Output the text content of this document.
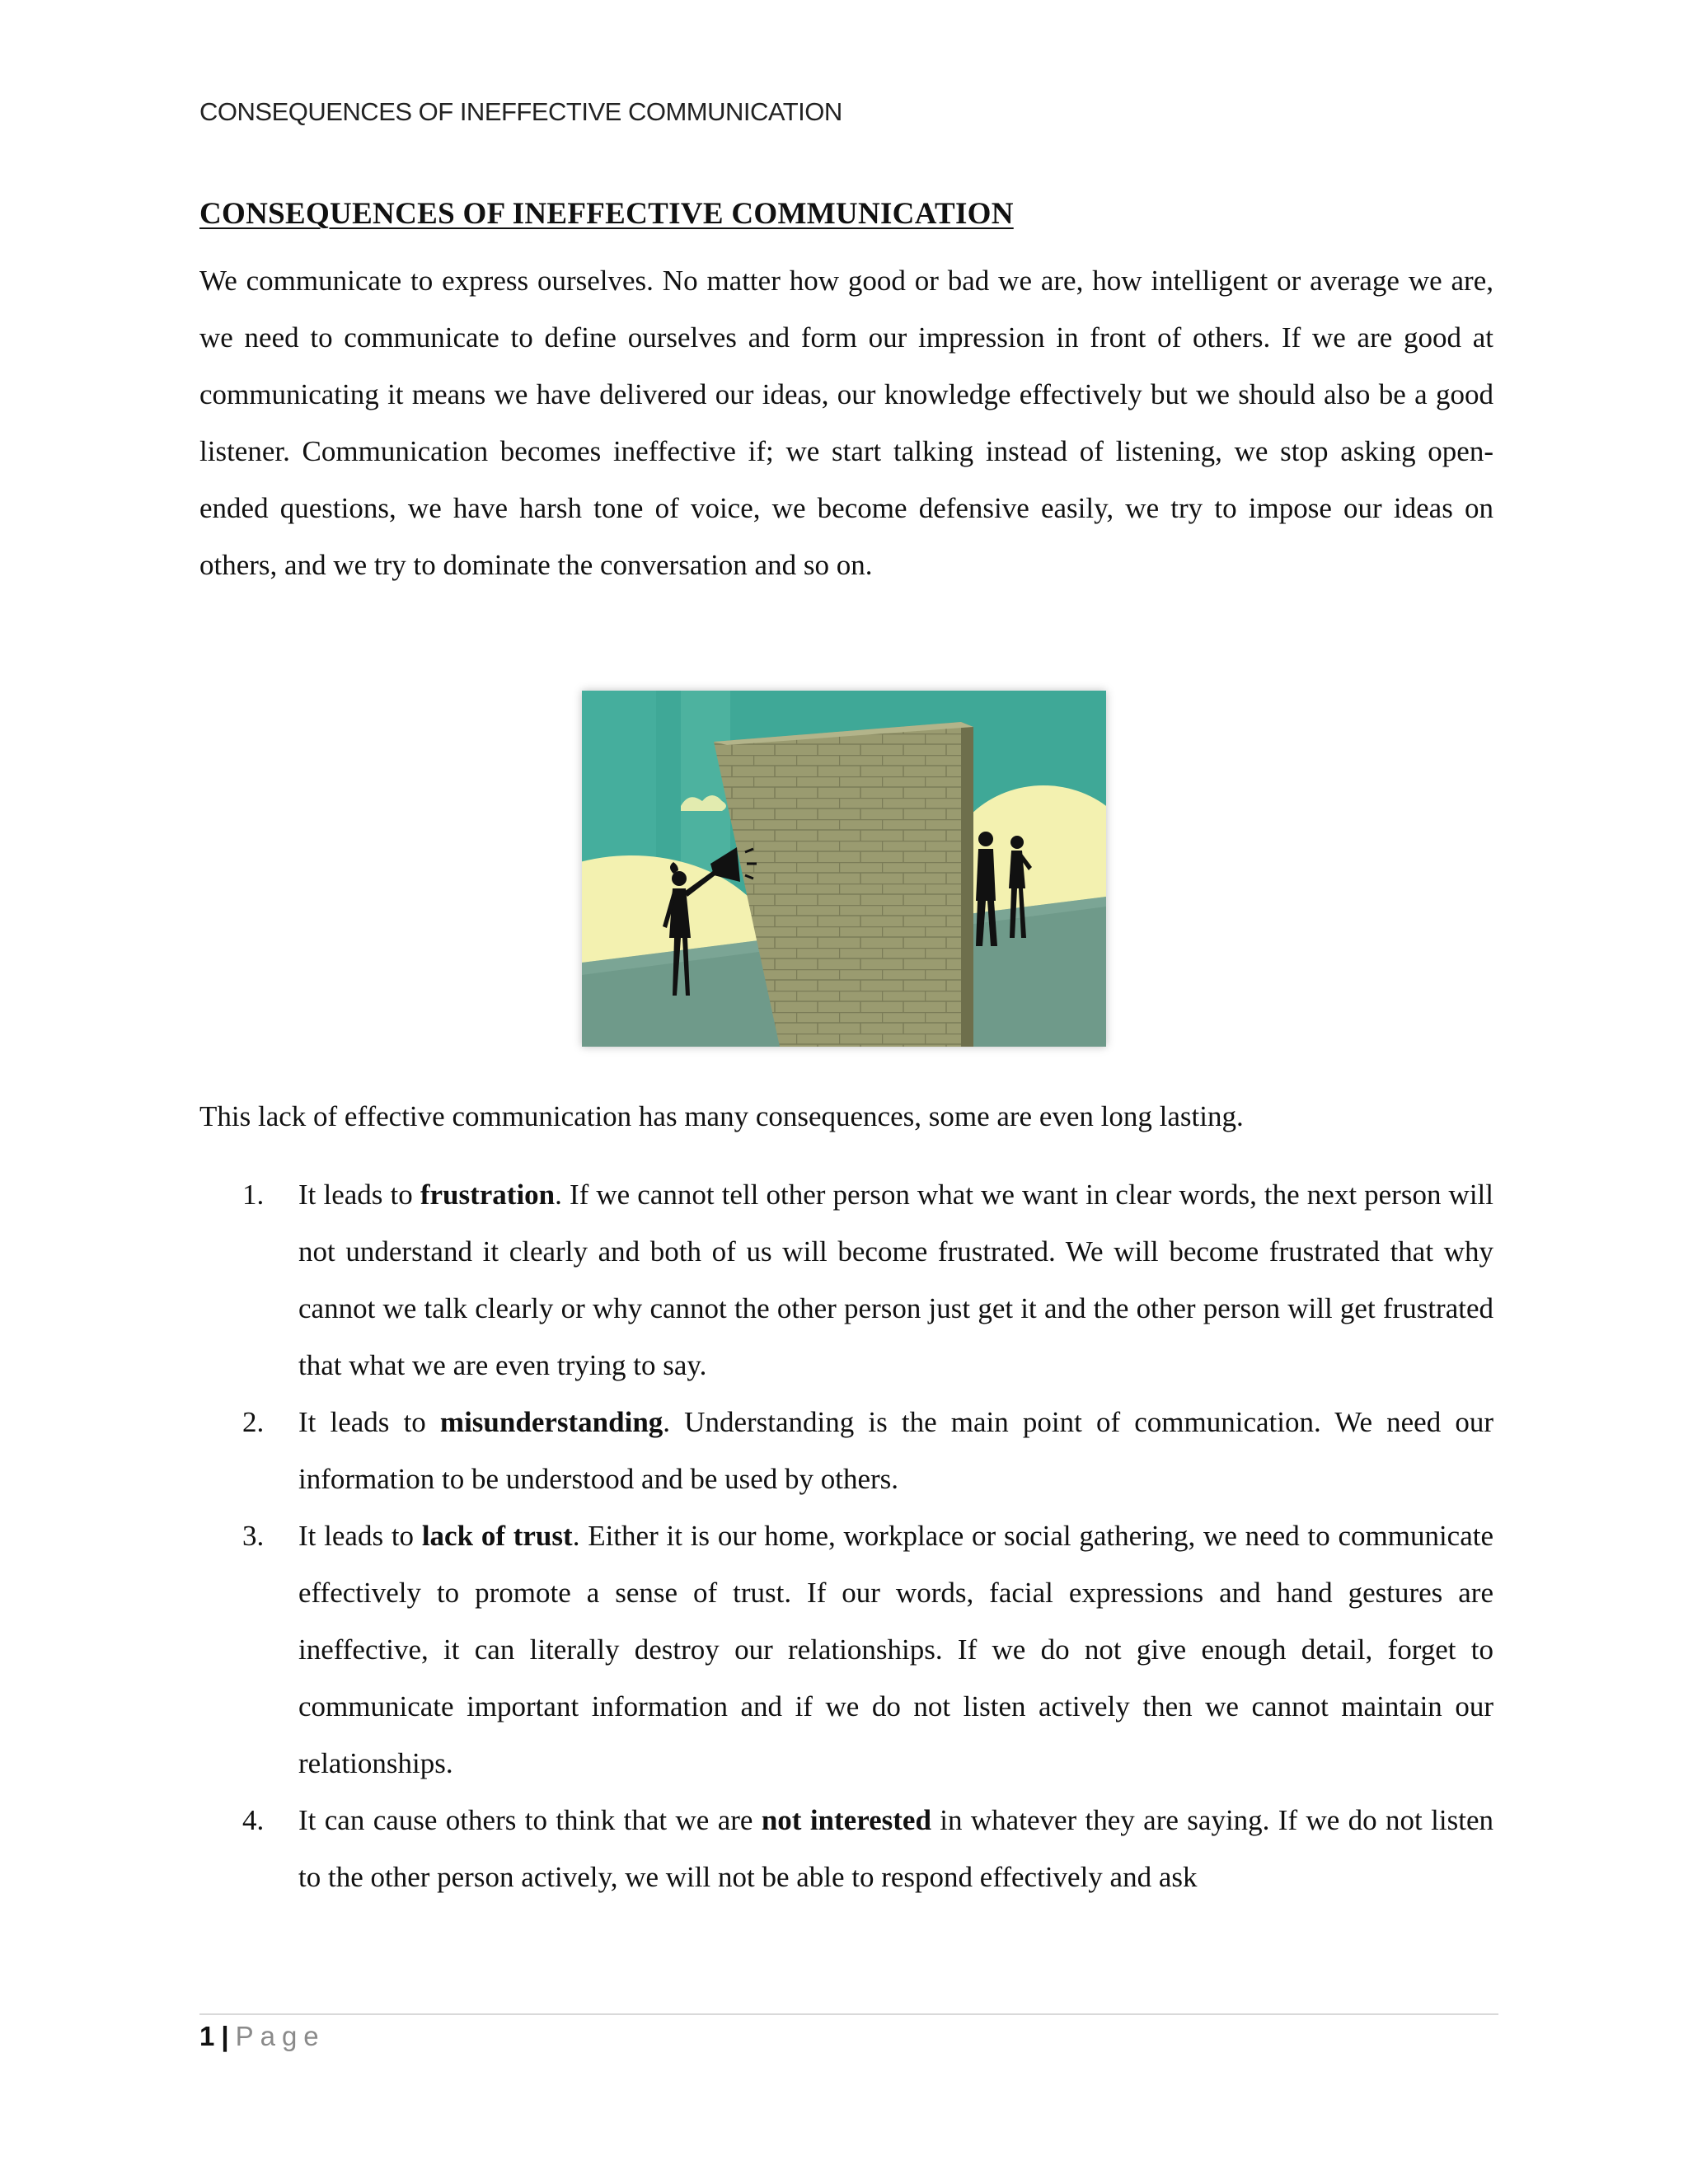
CONSEQUENCES OF INEFFECTIVE COMMUNICATION
CONSEQUENCES OF INEFFECTIVE COMMUNICATION

We communicate to express ourselves. No matter how good or bad we are, how intelligent or average we are, we need to communicate to define ourselves and form our impression in front of others. If we are good at communicating it means we have delivered our ideas, our knowledge effectively but we should also be a good listener. Communication becomes ineffective if; we start talking instead of listening, we stop asking open-ended questions, we have harsh tone of voice, we become defensive easily, we try to impose our ideas on others, and we try to dominate the conversation and so on.

This lack of effective communication has many consequences, some are even long lasting.

1. It leads to frustration. If we cannot tell other person what we want in clear words, the next person will not understand it clearly and both of us will become frustrated. We will become frustrated that why cannot we talk clearly or why cannot the other person just get it and the other person will get frustrated that what we are even trying to say.
2. It leads to misunderstanding. Understanding is the main point of communication. We need our information to be understood and be used by others.
3. It leads to lack of trust. Either it is our home, workplace or social gathering, we need to communicate effectively to promote a sense of trust. If our words, facial expressions and hand gestures are ineffective, it can literally destroy our relationships. If we do not give enough detail, forget to communicate important information and if we do not listen actively then we cannot maintain our relationships.
4. It can cause others to think that we are not interested in whatever they are saying. If we do not listen to the other person actively, we will not be able to respond effectively and ask
1 | Page
